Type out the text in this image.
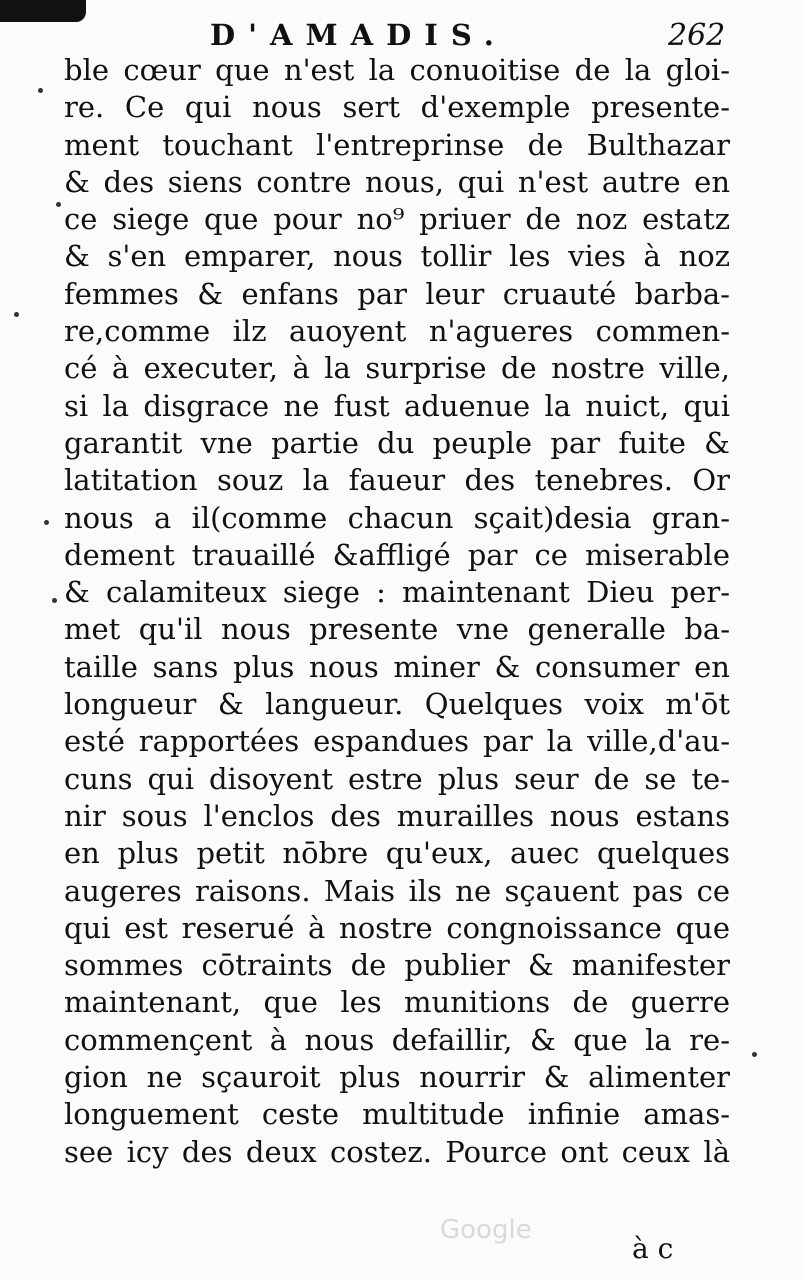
D'AMADIS.	262
ble cœur que n'est la conuoitise de la gloi-
re. Ce qui nous sert d'exemple presente-
ment touchant l'entreprinse de Bulthazar
& des siens contre nous, qui n'est autre en
ce siege que pour no⁹ priuer de noz estatz
& s'en emparer, nous tollir les vies à noz
femmes & enfans par leur cruauté barba-
re,comme ilz auoyent n'agueres commen-
cé à executer, à la surprise de nostre ville,
si la disgrace ne fust aduenue la nuict, qui
garantit vne partie du peuple par fuite &
latitation souz la faueur des tenebres. Or
nous a il(comme chacun sçait)desia gran-
dement trauaillé &affligé par ce miserable
& calamiteux siege : maintenant Dieu per-
met qu'il nous presente vne generalle ba-
taille sans plus nous miner & consumer en
longueur & langueur. Quelques voix m'ōt
esté rapportées espandues par la ville,d'au-
cuns qui disoyent estre plus seur de se te-
nir sous l'enclos des murailles nous estans
en plus petit nōbre qu'eux, auec quelques
augeres raisons. Mais ils ne sçauent pas ce
qui est reserué à nostre congnoissance que
sommes cōtraints de publier & manifester
maintenant, que les munitions de guerre
commençent à nous defaillir, & que la re-
gion ne sçauroit plus nourrir & alimenter
longuement ceste multitude infinie amas-
see icy des deux costez. Pource ont ceux là
Google
à c
